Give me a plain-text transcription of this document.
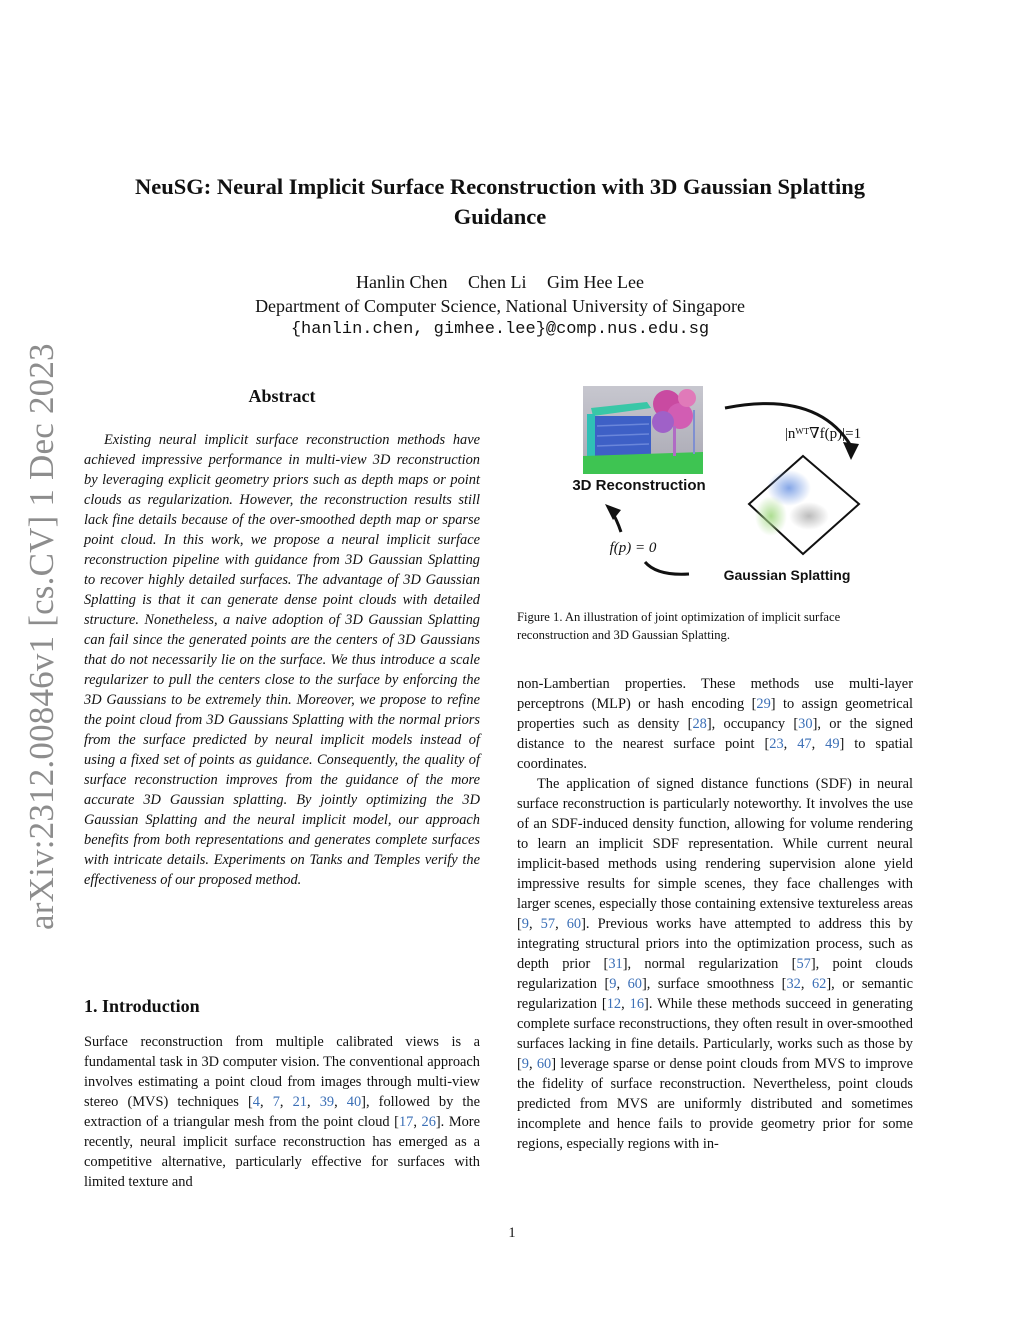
arXiv:2312.00846v1 [cs.CV] 1 Dec 2023
NeuSG: Neural Implicit Surface Reconstruction with 3D Gaussian Splatting Guidance
Hanlin Chen Chen Li Gim Hee Lee
Department of Computer Science, National University of Singapore
{hanlin.chen, gimhee.lee}@comp.nus.edu.sg
Abstract
Existing neural implicit surface reconstruction methods have achieved impressive performance in multi-view 3D reconstruction by leveraging explicit geometry priors such as depth maps or point clouds as regularization. However, the reconstruction results still lack fine details because of the over-smoothed depth map or sparse point cloud. In this work, we propose a neural implicit surface reconstruction pipeline with guidance from 3D Gaussian Splatting to recover highly detailed surfaces. The advantage of 3D Gaussian Splatting is that it can generate dense point clouds with detailed structure. Nonetheless, a naive adoption of 3D Gaussian Splatting can fail since the generated points are the centers of 3D Gaussians that do not necessarily lie on the surface. We thus introduce a scale regularizer to pull the centers close to the surface by enforcing the 3D Gaussians to be extremely thin. Moreover, we propose to refine the point cloud from 3D Gaussians Splatting with the normal priors from the surface predicted by neural implicit models instead of using a fixed set of points as guidance. Consequently, the quality of surface reconstruction improves from the guidance of the more accurate 3D Gaussian splatting. By jointly optimizing the 3D Gaussian Splatting and the neural implicit model, our approach benefits from both representations and generates complete surfaces with intricate details. Experiments on Tanks and Temples verify the effectiveness of our proposed method.
1. Introduction
Surface reconstruction from multiple calibrated views is a fundamental task in 3D computer vision. The conventional approach involves estimating a point cloud from images through multi-view stereo (MVS) techniques [4, 7, 21, 39, 40], followed by the extraction of a triangular mesh from the point cloud [17, 26]. More recently, neural implicit surface reconstruction has emerged as a competitive alternative, particularly effective for surfaces with limited texture and
3D Reconstruction
|nᵂᵀ∇f(p)|=1
Gaussian Splatting
f(p) = 0
Figure 1. An illustration of joint optimization of implicit surface reconstruction and 3D Gaussian Splatting.

non-Lambertian properties. These methods use multi-layer perceptrons (MLP) or hash encoding [29] to assign geometrical properties such as density [28], occupancy [30], or the signed distance to the nearest surface point [23, 47, 49] to spatial coordinates.

The application of signed distance functions (SDF) in neural surface reconstruction is particularly noteworthy. It involves the use of an SDF-induced density function, allowing for volume rendering to learn an implicit SDF representation. While current neural implicit-based methods using rendering supervision alone yield impressive results for simple scenes, they face challenges with larger scenes, especially those containing extensive textureless areas [9, 57, 60]. Previous works have attempted to address this by integrating structural priors into the optimization process, such as depth prior [31], normal regularization [57], point clouds regularization [9, 60], surface smoothness [32, 62], or semantic regularization [12, 16]. While these methods succeed in generating complete surface reconstructions, they often result in over-smoothed surfaces lacking in fine details. Particularly, works such as those by [9, 60] leverage sparse or dense point clouds from MVS to improve the fidelity of surface reconstruction. Nevertheless, point clouds predicted from MVS are uniformly distributed and sometimes incomplete and hence fails to provide geometry prior for some regions, especially regions with in-

1
